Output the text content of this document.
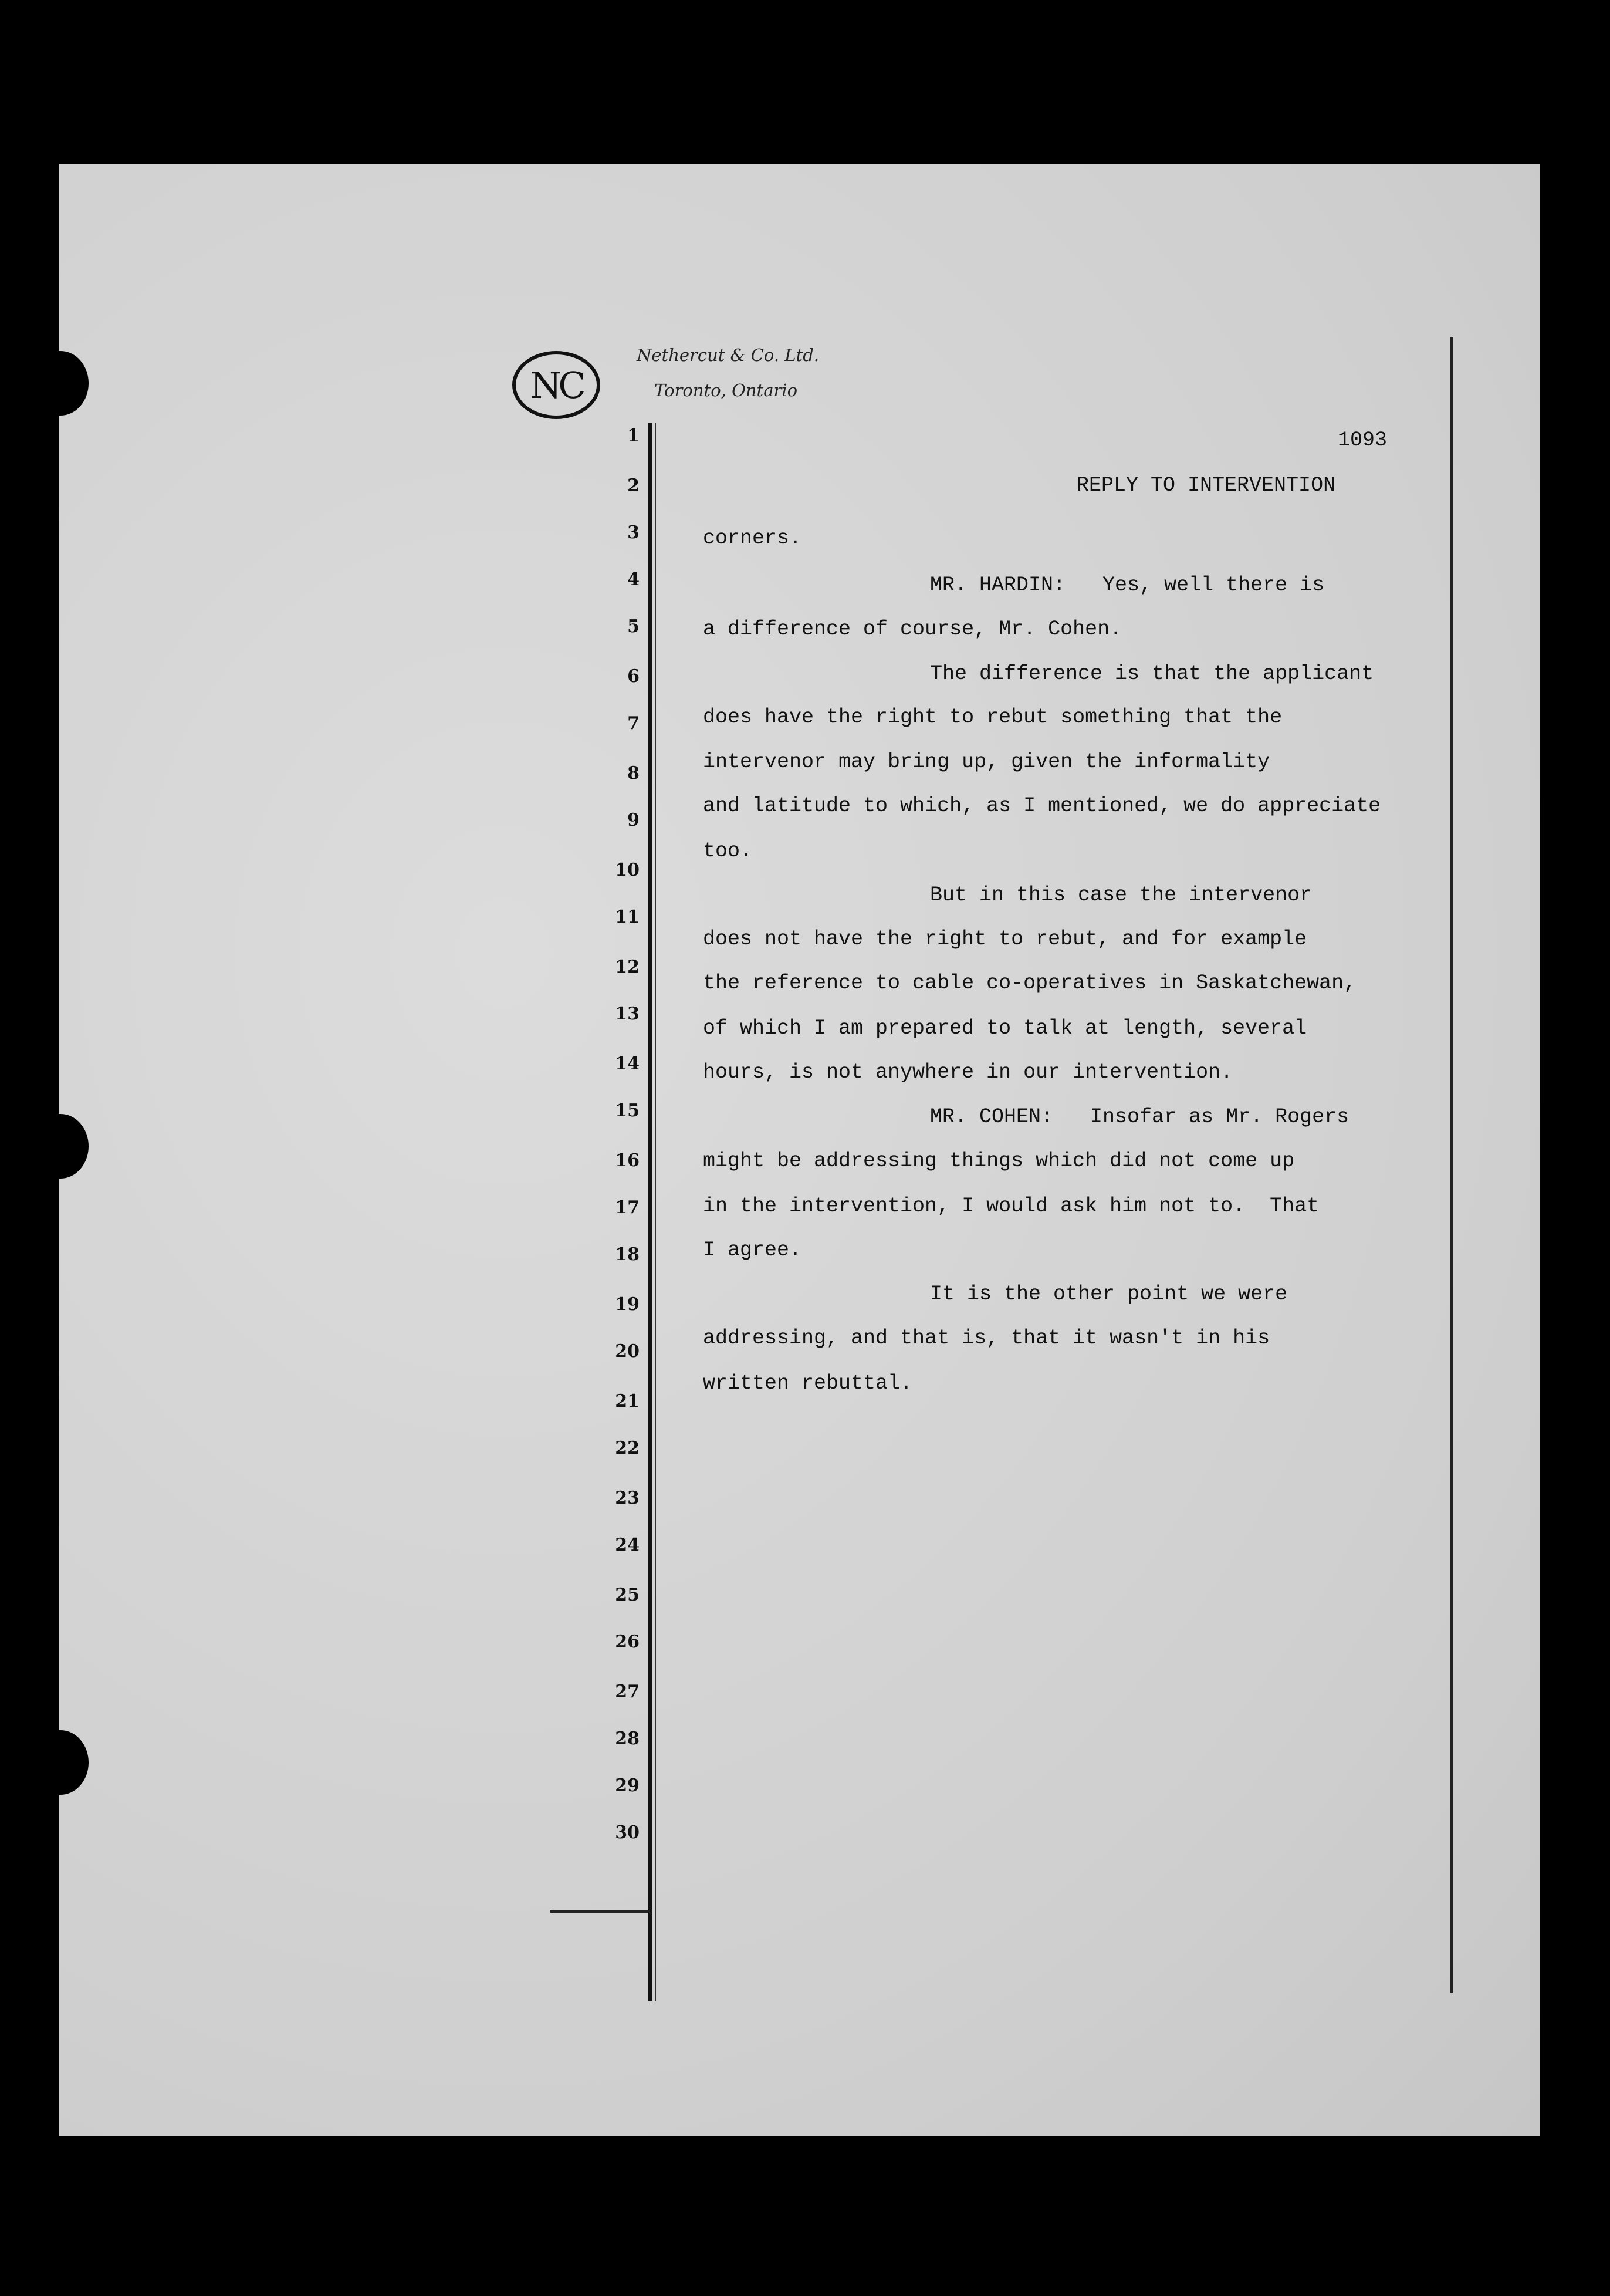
NC
Nethercut & Co. Ltd.
Toronto, Ontario
1
2
3
4
5
6
7
8
9
10
11
12
13
14
15
16
17
18
19
20
21
22
23
24
25
26
27
28
29
30
1093
REPLY TO INTERVENTION
corners.
MR. HARDIN:   Yes, well there is
a difference of course, Mr. Cohen.
The difference is that the applicant
does have the right to rebut something that the
intervenor may bring up, given the informality
and latitude to which, as I mentioned, we do appreciate
too.
But in this case the intervenor
does not have the right to rebut, and for example
the reference to cable co-operatives in Saskatchewan,
of which I am prepared to talk at length, several
hours, is not anywhere in our intervention.
MR. COHEN:   Insofar as Mr. Rogers
might be addressing things which did not come up
in the intervention, I would ask him not to.  That
I agree.
It is the other point we were
addressing, and that is, that it wasn't in his
written rebuttal.
